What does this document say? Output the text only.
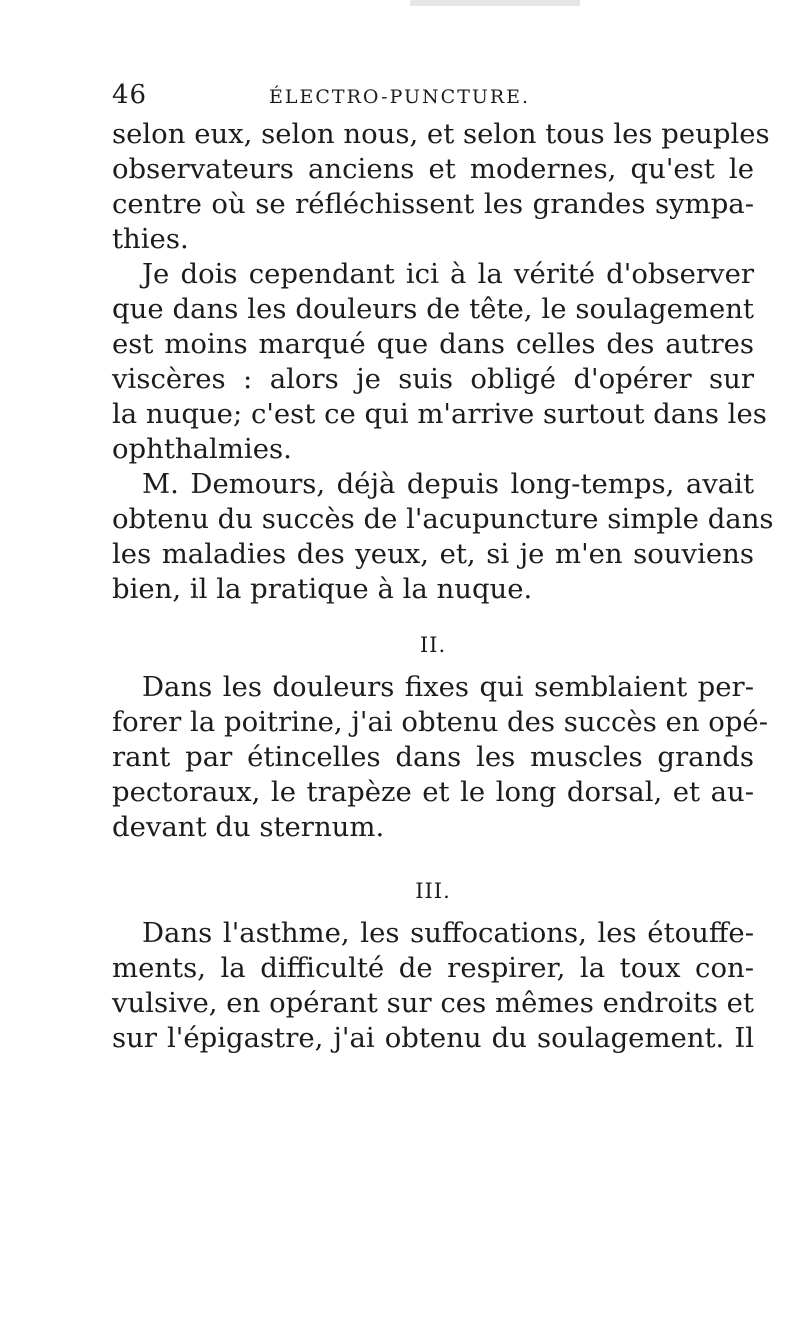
46	ÉLECTRO-PUNCTURE.
selon eux, selon nous, et selon tous les peuples
observateurs anciens et modernes, qu'est le
centre où se réfléchissent les grandes sympa-
thies.
Je dois cependant ici à la vérité d'observer
que dans les douleurs de tête, le soulagement
est moins marqué que dans celles des autres
viscères : alors je suis obligé d'opérer sur
la nuque; c'est ce qui m'arrive surtout dans les
ophthalmies.
M. Demours, déjà depuis long-temps, avait
obtenu du succès de l'acupuncture simple dans
les maladies des yeux, et, si je m'en souviens
bien, il la pratique à la nuque.
II.
Dans les douleurs fixes qui semblaient per-
forer la poitrine, j'ai obtenu des succès en opé-
rant par étincelles dans les muscles grands
pectoraux, le trapèze et le long dorsal, et au-
devant du sternum.
III.
Dans l'asthme, les suffocations, les étouffe-
ments, la difficulté de respirer, la toux con-
vulsive, en opérant sur ces mêmes endroits et
sur l'épigastre, j'ai obtenu du soulagement. Il
